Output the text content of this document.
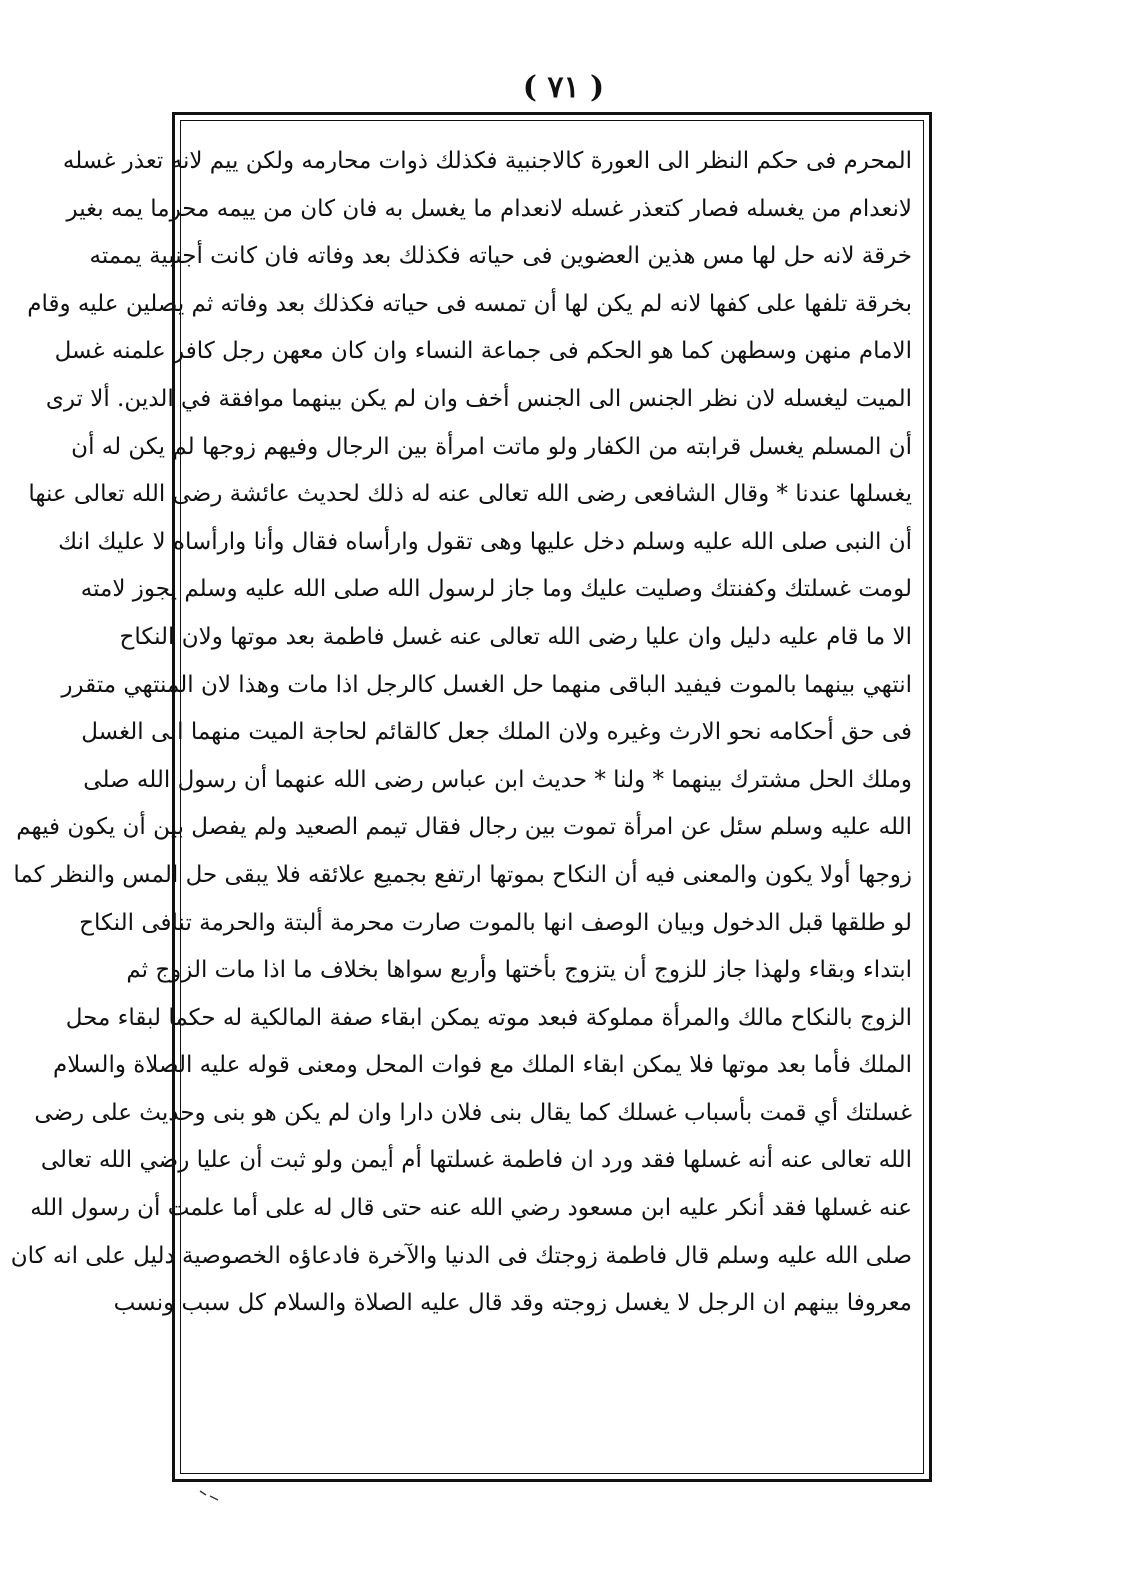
( ٧١ )
المحرم فى حكم النظر الى العورة كالاجنبية فكذلك ذوات محارمه ولكن ييم لانه تعذر غسله
لانعدام من يغسله فصار كتعذر غسله لانعدام ما يغسل به فان كان من ييمه محرما يمه بغير
خرقة لانه حل لها مس هذين العضوين فى حياته فكذلك بعد وفاته فان كانت أجنبية يممته
بخرقة تلفها على كفها لانه لم يكن لها أن تمسه فى حياته فكذلك بعد وفاته ثم يصلين عليه وقام
الامام منهن وسطهن كما هو الحكم فى جماعة النساء وان كان معهن رجل كافر علمنه غسل
الميت ليغسله لان نظر الجنس الى الجنس أخف وان لم يكن بينهما موافقة في الدين. ألا ترى
أن المسلم يغسل قرابته من الكفار ولو ماتت امرأة بين الرجال وفيهم زوجها لم يكن له أن
يغسلها عندنا * وقال الشافعى رضى الله تعالى عنه له ذلك لحديث عائشة رضى الله تعالى عنها
أن النبى صلى الله عليه وسلم دخل عليها وهى تقول وارأساه فقال وأنا وارأساه لا عليك انك
لومت غسلتك وكفنتك وصليت عليك وما جاز لرسول الله صلى الله عليه وسلم يجوز لامته
الا ما قام عليه دليل وان عليا رضى الله تعالى عنه غسل فاطمة بعد موتها ولان النكاح
انتهي بينهما بالموت فيفيد الباقى منهما حل الغسل كالرجل اذا مات وهذا لان المنتهي متقرر
فى حق أحكامه نحو الارث وغيره ولان الملك جعل كالقائم لحاجة الميت منهما الى الغسل
وملك الحل مشترك بينهما * ولنا * حديث ابن عباس رضى الله عنهما أن رسول الله صلى
الله عليه وسلم سئل عن امرأة تموت بين رجال فقال تيمم الصعيد ولم يفصل بين أن يكون فيهم
زوجها أولا يكون والمعنى فيه أن النكاح بموتها ارتفع بجميع علائقه فلا يبقى حل المس والنظر كما
لو طلقها قبل الدخول وبيان الوصف انها بالموت صارت محرمة ألبتة والحرمة تنافى النكاح
ابتداء وبقاء ولهذا جاز للزوج أن يتزوج بأختها وأربع سواها بخلاف ما اذا مات الزوج ثم
الزوج بالنكاح مالك والمرأة مملوكة فبعد موته يمكن ابقاء صفة المالكية له حكما لبقاء محل
الملك فأما بعد موتها فلا يمكن ابقاء الملك مع فوات المحل ومعنى قوله عليه الصلاة والسلام
غسلتك أي قمت بأسباب غسلك كما يقال بنى فلان دارا وان لم يكن هو بنى وحديث على رضى
الله تعالى عنه أنه غسلها فقد ورد ان فاطمة غسلتها أم أيمن ولو ثبت أن عليا رضي الله تعالى
عنه غسلها فقد أنكر عليه ابن مسعود رضي الله عنه حتى قال له على أما علمت أن رسول الله
صلى الله عليه وسلم قال فاطمة زوجتك فى الدنيا والآخرة فادعاؤه الخصوصية دليل على انه كان
معروفا بينهم ان الرجل لا يغسل زوجته وقد قال عليه الصلاة والسلام كل سبب ونسب
